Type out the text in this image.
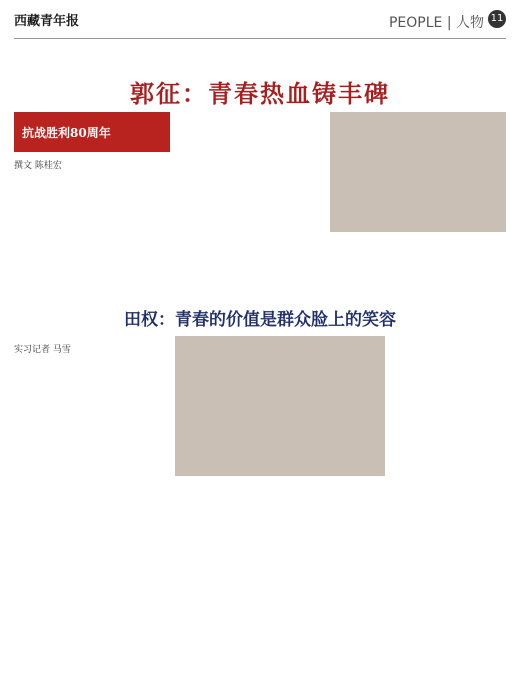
西藏青年报	PEOPLE | 人物 11
郭征：青春热血铸丰碑
抗战胜利80周年
撰文 陈桂宏
田权：青春的价值是群众脸上的笑容
实习记者 马雪
